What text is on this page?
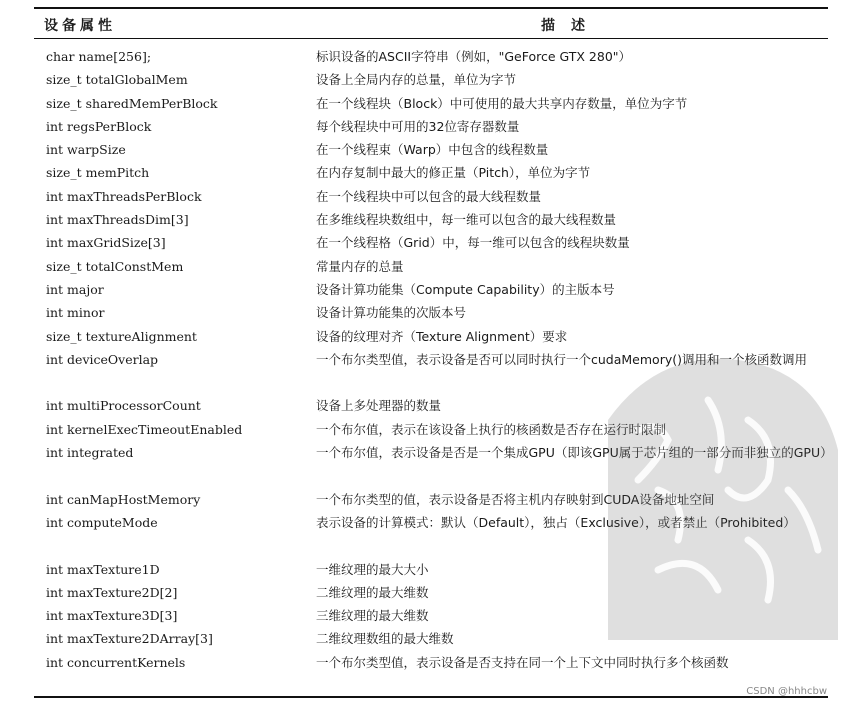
设备属性	描述
char name[256];	标识设备的ASCII字符串（例如，"GeForce GTX 280"）
size_t totalGlobalMem	设备上全局内存的总量，单位为字节
size_t sharedMemPerBlock	在一个线程块（Block）中可使用的最大共享内存数量，单位为字节
int regsPerBlock	每个线程块中可用的32位寄存器数量
int warpSize	在一个线程束（Warp）中包含的线程数量
size_t memPitch	在内存复制中最大的修正量（Pitch），单位为字节
int maxThreadsPerBlock	在一个线程块中可以包含的最大线程数量
int maxThreadsDim[3]	在多维线程块数组中，每一维可以包含的最大线程数量
int maxGridSize[3]	在一个线程格（Grid）中，每一维可以包含的线程块数量
size_t totalConstMem	常量内存的总量
int major	设备计算功能集（Compute Capability）的主版本号
int minor	设备计算功能集的次版本号
size_t textureAlignment	设备的纹理对齐（Texture Alignment）要求
int deviceOverlap	一个布尔类型值，表示设备是否可以同时执行一个cudaMemory()调用和一个核函数调用
int multiProcessorCount	设备上多处理器的数量
int kernelExecTimeoutEnabled	一个布尔值，表示在该设备上执行的核函数是否存在运行时限制
int integrated	一个布尔值，表示设备是否是一个集成GPU（即该GPU属于芯片组的一部分而非独立的GPU）
int canMapHostMemory	一个布尔类型的值，表示设备是否将主机内存映射到CUDA设备地址空间
int computeMode	表示设备的计算模式：默认（Default），独占（Exclusive），或者禁止（Prohibited）
int maxTexture1D	一维纹理的最大大小
int maxTexture2D[2]	二维纹理的最大维数
int maxTexture3D[3]	三维纹理的最大维数
int maxTexture2DArray[3]	二维纹理数组的最大维数
int concurrentKernels	一个布尔类型值，表示设备是否支持在同一个上下文中同时执行多个核函数
CSDN @hhhcbw
